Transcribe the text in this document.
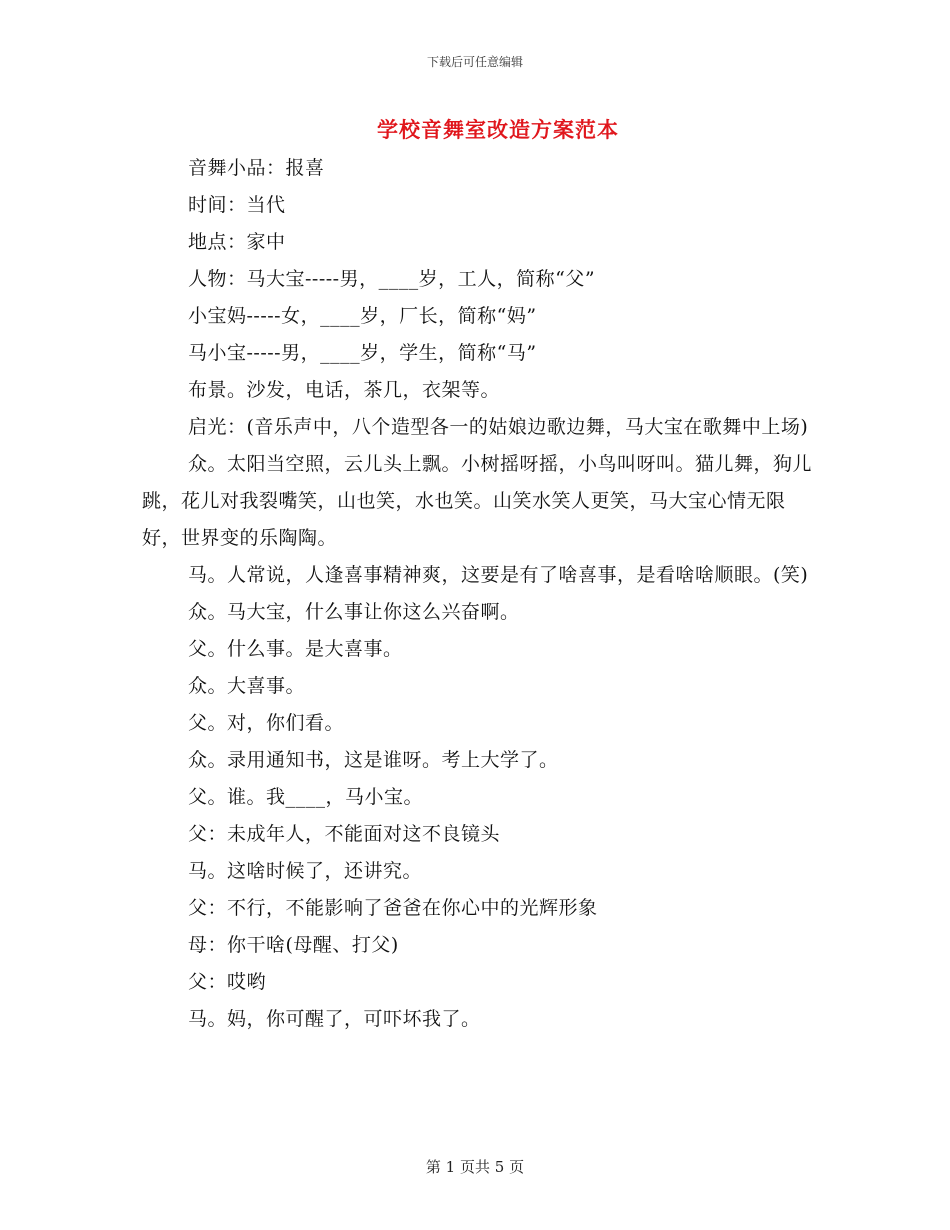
下载后可任意编辑
学校音舞室改造方案范本

音舞小品：报喜

时间：当代

地点：家中

人物：马大宝-----男，____岁，工人，简称“父”

小宝妈-----女，____岁，厂长，简称“妈”

马小宝-----男，____岁，学生，简称“马”

布景。沙发，电话，茶几，衣架等。

启光：(音乐声中，八个造型各一的姑娘边歌边舞，马大宝在歌舞中上场)

众。太阳当空照，云儿头上飘。小树摇呀摇，小鸟叫呀叫。猫儿舞，狗儿跳，花儿对我裂嘴笑，山也笑，水也笑。山笑水笑人更笑，马大宝心情无限好，世界变的乐陶陶。

马。人常说，人逢喜事精神爽，这要是有了啥喜事，是看啥啥顺眼。(笑)

众。马大宝，什么事让你这么兴奋啊。

父。什么事。是大喜事。

众。大喜事。

父。对，你们看。

众。录用通知书，这是谁呀。考上大学了。

父。谁。我____，马小宝。

父：未成年人，不能面对这不良镜头

马。这啥时候了，还讲究。

父：不行，不能影响了爸爸在你心中的光辉形象

母：你干啥(母醒、打父)

父：哎哟

马。妈，你可醒了，可吓坏我了。

第 1 页共 5 页
